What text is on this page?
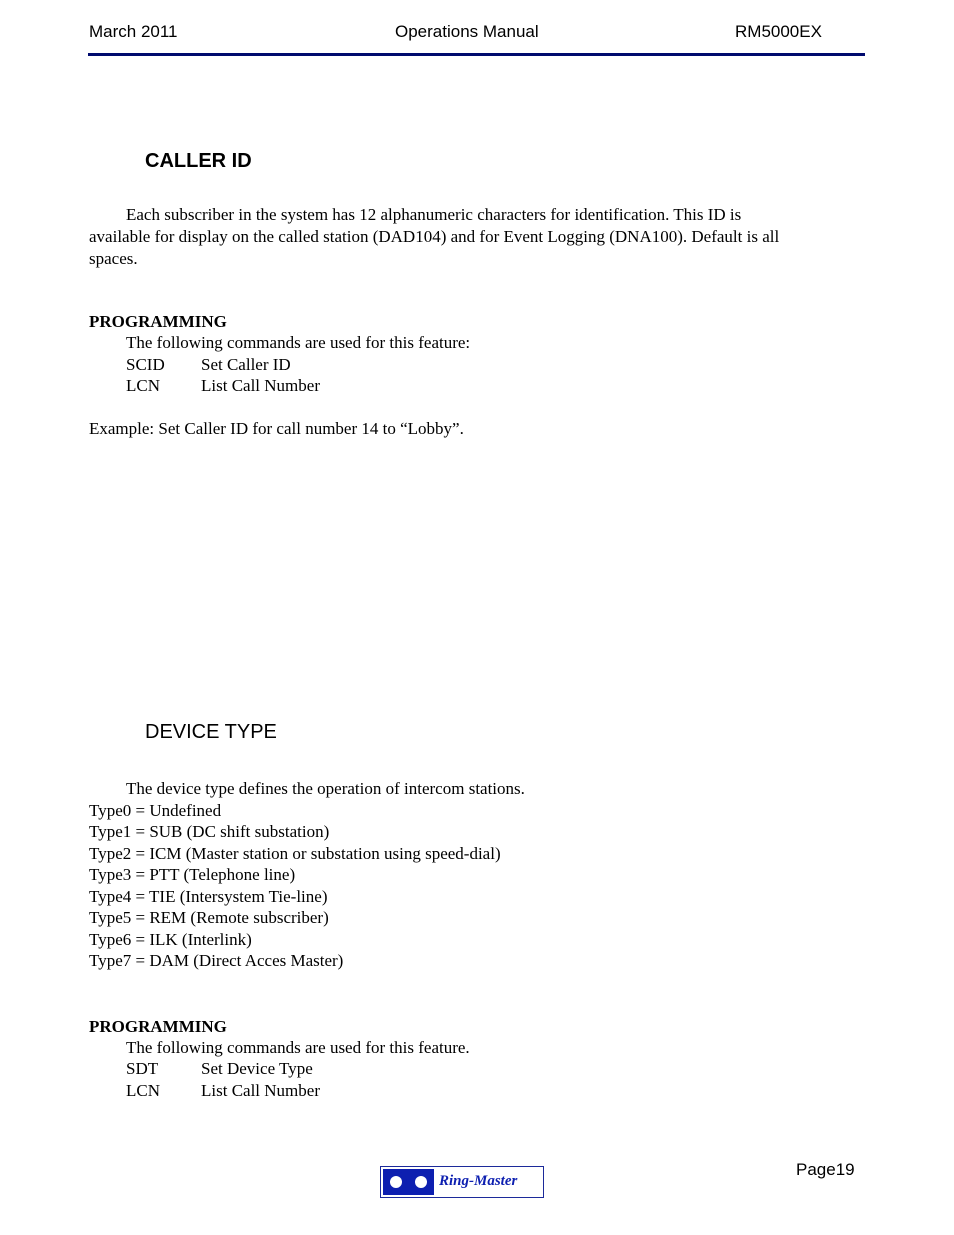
March 2011	Operations Manual	RM5000EX
CALLER ID
Each subscriber in the system has 12 alphanumeric characters for identification. This ID is
available for display on the called station (DAD104) and for Event Logging (DNA100). Default is all
spaces.
PROGRAMMING
The following commands are used for this feature:
SCID Set Caller ID
LCN List Call Number
Example: Set Caller ID for call number 14 to “Lobby”.
DEVICE TYPE
The device type defines the operation of intercom stations.
Type0 = Undefined
Type1 = SUB (DC shift substation)
Type2 = ICM (Master station or substation using speed-dial)
Type3 = PTT (Telephone line)
Type4 = TIE (Intersystem Tie-line)
Type5 = REM (Remote subscriber)
Type6 = ILK (Interlink)
Type7 = DAM (Direct Acces Master)
PROGRAMMING
The following commands are used for this feature.
SDT	Set Device Type
LCN List Call Number
Page19
Ring-Master
